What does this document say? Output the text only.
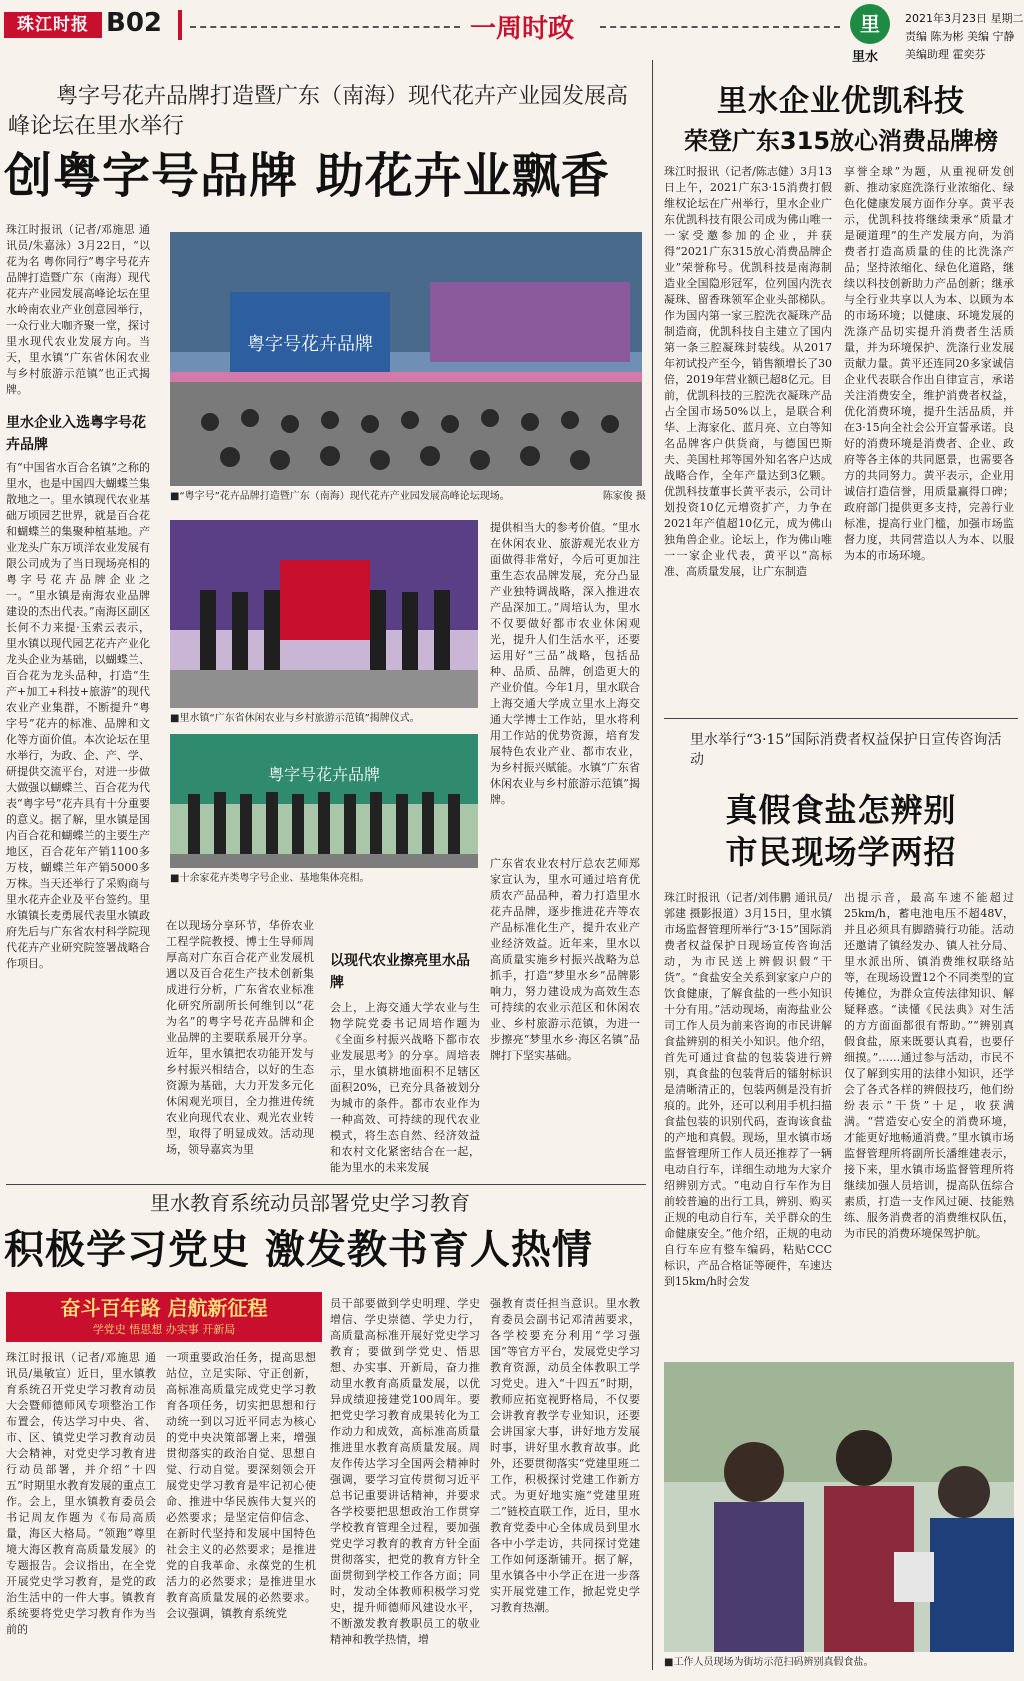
珠江时报 B02	一周时政	里
里水
2021年3月23日 星期二
责编 陈为彬 美编 宁静
美编助理 霍奕芬
粤字号花卉品牌打造暨广东（南海）现代花卉产业园发展高峰论坛在里水举行
创粤字号品牌 助花卉业飘香
珠江时报讯（记者/邓施思 通讯员/朱嘉泳）3月22日，“以花为名 粤你同行”粤字号花卉品牌打造暨广东（南海）现代花卉产业园发展高峰论坛在里水岭南农业产业创意园举行，一众行业大咖齐聚一堂，探讨里水现代农业发展方向。当天，里水镇“广东省休闲农业与乡村旅游示范镇”也正式揭牌。
里水企业入选粤字号花卉品牌
有“中国省水百合名镇”之称的里水，也是中国四大蝴蝶兰集散地之一。里水镇现代农业基础万顷园艺世界，就是百合花和蝴蝶兰的集聚种植基地。产业龙头广东万顷洋农业发展有限公司成为了当日现场亮相的粤字号花卉品牌企业之一。“里水镇是南海农业品牌建设的杰出代表。”南海区副区长何不力来提·玉索云表示，里水镇以现代园艺花卉产业化龙头企业为基础，以蝴蝶兰、百合花为龙头品种，打造“生产+加工+科技+旅游”的现代农业产业集群，不断提升“粤字号”花卉的标准、品牌和文化等方面价值。本次论坛在里水举行，为政、企、产、学、研提供交流平台，对进一步做大做强以蝴蝶兰、百合花为代表“粤字号”花卉具有十分重要的意义。据了解，里水镇是国内百合花和蝴蝶兰的主要生产地区，百合花年产销1100多万枝，蝴蝶兰年产销5000多万株。当天还举行了采购商与里水花卉企业及平台签约。里水镇镇长麦勇展代表里水镇政府先后与广东省农村科学院现代花卉产业研究院签署战略合作项目。
粤字号花卉品牌
■“粤字号”花卉品牌打造暨广东（南海）现代花卉产业园发展高峰论坛现场。	陈家俊 摄
■里水镇“广东省休闲农业与乡村旅游示范镇”揭牌仪式。
粤字号花卉品牌
■十余家花卉类粤字号企业、基地集体亮相。
在以现场分享环节，华侨农业工程学院教授、博士生导师周厚高对广东百合花产业发展机遇以及百合花生产技术创新集成进行分析，广东省农业标准化研究所副所长何维钊以“花为名”的粤字号花卉品牌和企业品牌的主要联系展开分享。近年，里水镇把农功能开发与乡村振兴相结合，以好的生态资源为基础，大力开发多元化休闲观光项目，全力推进传统农业向现代农业、观光农业转型，取得了明显成效。活动现场，领导嘉宾为里
提供相当大的参考价值。“里水在休闲农业、旅游观光农业方面做得非常好，今后可更加注重生态农品牌发展，充分凸显产业独特调战略，深入推进农产品深加工。”周培认为，里水不仅要做好都市农业休闲观光，提升人们生活水平，还要运用好“三品”战略，包括品种、品质、品牌，创造更大的产业价值。今年1月，里水联合上海交通大学成立里水上海交通大学博士工作站，里水将利用工作站的优势资源，培育发展特色农业产业、都市农业，为乡村振兴赋能。水镇“广东省休闲农业与乡村旅游示范镇”揭牌。
以现代农业擦亮里水品牌
会上，上海交通大学农业与生物学院党委书记周培作题为《全面乡村振兴战略下都市农业发展思考》的分享。周培表示，里水镇耕地面积不足辖区面积20%，已充分具备被划分为城市的条件。都市农业作为一种高效、可持续的现代农业模式，将生态自然、经济效益和农村文化紧密结合在一起，能为里水的未来发展
广东省农业农村厅总农艺师郑家宣认为，里水可通过培育优质农产品品种，着力打造里水花卉品牌，逐步推进花卉等农产品标准化生产，提升农业产业经济效益。近年来，里水以高质量实施乡村振兴战略为总抓手，打造“梦里水乡”品牌影响力，努力建设成为高效生态可持续的农业示范区和休闲农业、乡村旅游示范镇，为进一步擦亮“梦里水乡·海区名镇”品牌打下坚实基础。
里水企业优凯科技
荣登广东315放心消费品牌榜
珠江时报讯（记者/陈志健）3月13日上午，2021广东3·15消费打假维权论坛在广州举行，里水企业广东优凯科技有限公司成为佛山唯一一家受邀参加的企业，并获得“2021广东315放心消费品牌企业”荣誉称号。优凯科技是南海制造业全国隐形冠军，位列国内洗衣凝珠、留香珠领军企业头部梯队。作为国内第一家三腔洗衣凝珠产品制造商，优凯科技自主建立了国内第一条三腔凝珠封装线。从2017年初试投产至今，销售额增长了30倍，2019年营业额已超8亿元。目前，优凯科技的三腔洗衣凝珠产品占全国市场50%以上，是联合利华、上海家化、蓝月亮、立白等知名品牌客户供货商，与德国巴斯夫、美国杜邦等国外知名客户达成战略合作，全年产量达到3亿颗。优凯科技董事长黄平表示，公司计划投资10亿元增资扩产，力争在2021年产值超10亿元，成为佛山独角兽企业。论坛上，作为佛山唯一一家企业代表，黄平以“高标准、高质量发展，让广东制造
享誉全球”为题，从重视研发创新、推动家庭洗涤行业浓缩化、绿色化健康发展方面作分享。黄平表示，优凯科技将继续秉承“质量才是硬道理”的生产发展方向，为消费者打造高质量的佳的比洗涤产品；坚持浓缩化、绿色化道路，继续以科技创新助力产品创新；继承与全行业共享以人为本、以顾为本的市场环境；以健康、环境发展的洗涤产品切实提升消费者生活质量，并为环境保护、洗涤行业发展贡献力量。黄平还连同20多家诚信企业代表联合作出自律宣言，承诺关注消费安全，维护消费者权益，优化消费环境，提升生活品质，并在3·15向全社会公开宣誓承诺。良好的消费环境是消费者、企业、政府等各主体的共同愿景，也需要各方的共同努力。黄平表示，企业用诚信打造信誉，用质量赢得口碑；政府部门提供更多支持，完善行业标准，提高行业门槛，加强市场监督力度，共同营造以人为本、以服为本的市场环境。
里水举行“3·15”国际消费者权益保护日宣传咨询活动
真假食盐怎辨别
市民现场学两招
珠江时报讯（记者/刘伟鹏 通讯员/郭建 摄影报道）3月15日，里水镇市场监督管理所举行“3·15”国际消费者权益保护日现场宣传咨询活动，为市民送上辨假识假“干货”。“食盐安全关系到家家户户的饮食健康，了解食盐的一些小知识十分有用。”活动现场，南海盐业公司工作人员为前来咨询的市民讲解食盐辨别的相关小知识。他介绍，首先可通过食盐的包装袋进行辨别，真食盐的包装背后的镭射标识是清晰清正的，包装两侧是没有折痕的。此外，还可以利用手机扫描食盐包装的识别代码，查询该食盐的产地和真假。现场，里水镇市场监督管理所工作人员还推荐了一辆电动自行车，详细生动地为大家介绍辨别方式。“电动自行车作为目前较普遍的出行工具，辨别、购买正规的电动自行车，关乎群众的生命健康安全。”他介绍，正规的电动自行车应有整车编码，粘贴CCC标识，产品合格证等硬件，车速达到15km/h时会发
出提示音，最高车速不能超过25km/h，蓄电池电压不超48V，并且必须具有脚踏骑行功能。活动还邀请了镇经发办、镇人社分局、里水派出所、镇消费维权联络站等，在现场设置12个不同类型的宣传摊位，为群众宣传法律知识、解疑释惑。“读懂《民法典》对生活的方方面面都很有帮助。”“辨别真假食盐，原来既要认真看，也要仔细摸。”……通过参与活动，市民不仅了解到实用的法律小知识，还学会了各式各样的辨假技巧，他们纷纷表示“干货”十足，收获满满。“营造安心安全的消费环境，才能更好地畅通消费。”里水镇市场监督管理所将副所长潘维建表示，接下来，里水镇市场监督管理所将继续加强人员培训，提高队伍综合素质，打造一支作风过硬、技能熟练、服务消费者的消费维权队伍，为市民的消费环境保驾护航。
■工作人员现场为街坊示范扫码辨别真假食盐。
里水教育系统动员部署党史学习教育
积极学习党史 激发教书育人热情
奋斗百年路 启航新征程
学党史 悟思想 办实事 开新局
珠江时报讯（记者/邓施思 通讯员/巢敏宣）近日，里水镇教育系统召开党史学习教育动员大会暨师德师风专项整治工作布置会，传达学习中央、省、市、区、镇党史学习教育动员大会精神，对党史学习教育进行动员部署，并介绍“十四五”时期里水教育发展的重点工作。会上，里水镇教育委员会书记周友作题为《布局高质量，海区大格局。“领跑”尊里境大海区教育高质量发展》的专题报告。会议指出，在全党开展党史学习教育，是党的政治生活中的一件大事。镇教育系统要将党史学习教育作为当前的
一项重要政治任务，提高思想站位，立足实际、守正创新，高标准高质量完成党史学习教育各项任务，切实把思想和行动统一到以习近平同志为核心的党中央决策部署上来，增强贯彻落实的政治自觉、思想自觉、行动自觉。要深刻领会开展党史学习教育是牢记初心使命、推进中华民族伟大复兴的必然要求；是坚定信仰信念、在新时代坚持和发展中国特色社会主义的必然要求；是推进党的自我革命、永葆党的生机活力的必然要求；是推进里水教育高质量发展的必然要求。会议强调，镇教育系统党
员干部要做到学史明理、学史增信、学史崇德、学史力行，高质量高标准开展好党史学习教育；要做到学党史、悟思想、办实事、开新局，奋力推动里水教育高质量发展，以优异成绩迎接建党100周年。要把党史学习教育成果转化为工作动力和成效，高标准高质量推进里水教育高质量发展。周友作传达学习全国两会精神时强调，要学习宣传贯彻习近平总书记重要讲话精神，并要求各学校要把思想政治工作贯穿学校教育管理全过程，要加强党史学习教育的教育方针全面贯彻落实，把党的教育方针全面贯彻到学校工作各方面；同时，发动全体教师积极学习党史，提升师德师风建设水平，不断激发教育教职员工的敬业精神和教学热情，增
强教育责任担当意识。里水教育委员会副书记邓清茜要求，各学校要充分利用“学习强国”等官方平台，发展党史学习教育资源，动员全体教职工学习党史。进入“十四五”时期，教师应拓宽视野格局，不仅要会讲教育教学专业知识，还要会讲国家大事，讲好地方发展时事，讲好里水教育故事。此外，还要贯彻落实“党建里班二工作，积极探讨党建工作新方式。为更好地实施“党建里班二”链校直联工作，近日，里水教育党委中心全体成员到里水各中小学走访，共同探讨党建工作如何逐渐铺开。据了解，里水镇各中小学正在进一步落实开展党建工作，掀起党史学习教育热潮。
